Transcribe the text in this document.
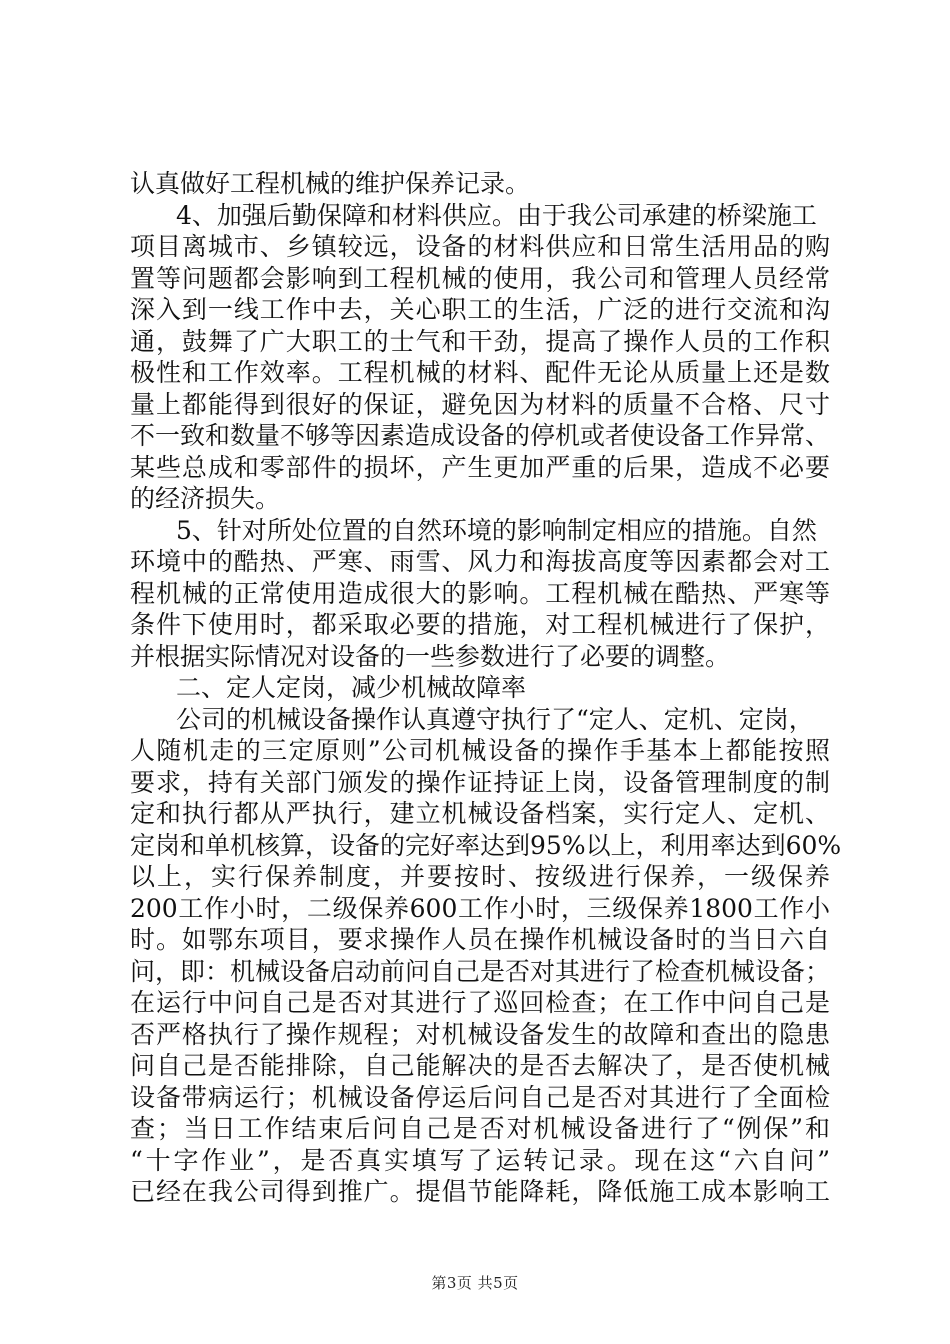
认真做好工程机械的维护保养记录。
4、加强后勤保障和材料供应。由于我公司承建的桥梁施工
项目离城市、乡镇较远，设备的材料供应和日常生活用品的购
置等问题都会影响到工程机械的使用，我公司和管理人员经常
深入到一线工作中去，关心职工的生活，广泛的进行交流和沟
通，鼓舞了广大职工的士气和干劲，提高了操作人员的工作积
极性和工作效率。工程机械的材料、配件无论从质量上还是数
量上都能得到很好的保证，避免因为材料的质量不合格、尺寸
不一致和数量不够等因素造成设备的停机或者使设备工作异常、
某些总成和零部件的损坏，产生更加严重的后果，造成不必要
的经济损失。
5、针对所处位置的自然环境的影响制定相应的措施。自然
环境中的酷热、严寒、雨雪、风力和海拔高度等因素都会对工
程机械的正常使用造成很大的影响。工程机械在酷热、严寒等
条件下使用时，都采取必要的措施，对工程机械进行了保护，
并根据实际情况对设备的一些参数进行了必要的调整。
二、定人定岗，减少机械故障率
公司的机械设备操作认真遵守执行了“定人、定机、定岗，
人随机走的三定原则”公司机械设备的操作手基本上都能按照
要求，持有关部门颁发的操作证持证上岗，设备管理制度的制
定和执行都从严执行，建立机械设备档案，实行定人、定机、
定岗和单机核算，设备的完好率达到95%以上，利用率达到60%
以上，实行保养制度，并要按时、按级进行保养，一级保养
200工作小时，二级保养600工作小时，三级保养1800工作小
时。如鄂东项目，要求操作人员在操作机械设备时的当日六自
问，即：机械设备启动前问自己是否对其进行了检查机械设备；
在运行中问自己是否对其进行了巡回检查；在工作中问自己是
否严格执行了操作规程；对机械设备发生的故障和查出的隐患
问自己是否能排除，自己能解决的是否去解决了，是否使机械
设备带病运行；机械设备停运后问自己是否对其进行了全面检
查；当日工作结束后问自己是否对机械设备进行了“例保”和
“十字作业”，是否真实填写了运转记录。现在这“六自问”
已经在我公司得到推广。提倡节能降耗，降低施工成本影响工
第3页 共5页
